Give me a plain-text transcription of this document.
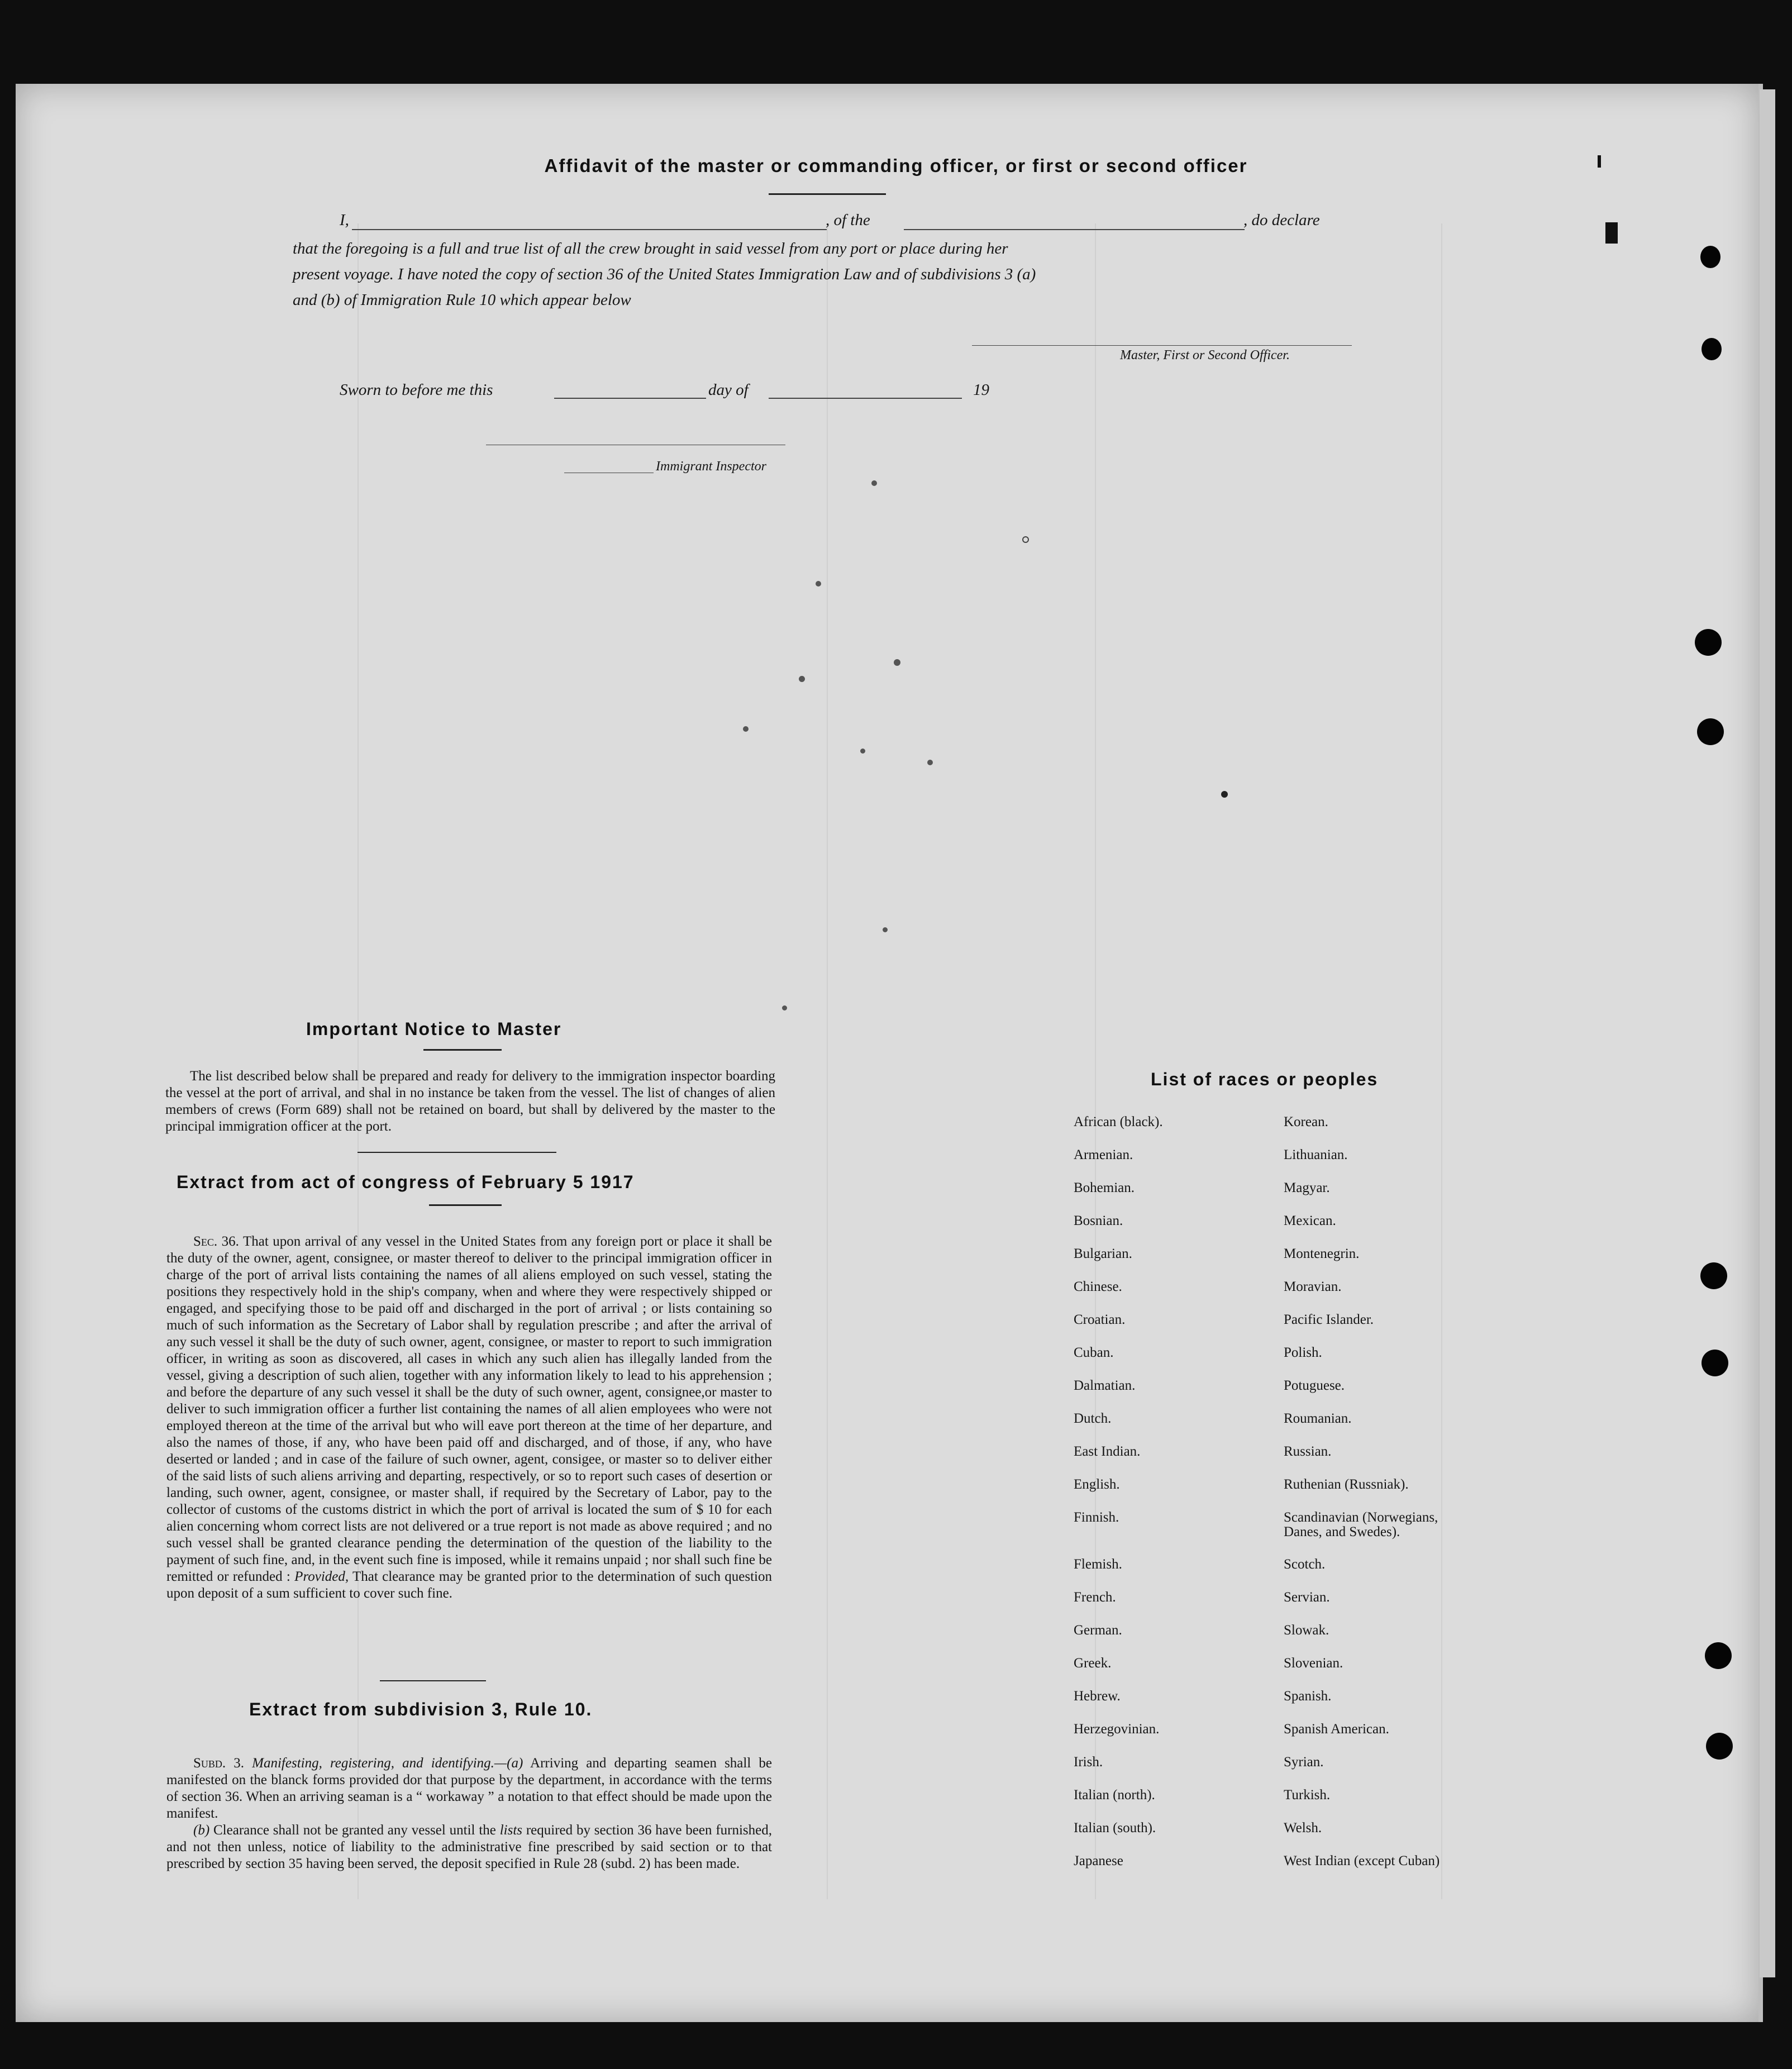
Affidavit of the master or commanding officer, or first or second officer
I,	, of the	, do declare
that the foregoing is a full and true list of all the crew brought in said vessel from any port or place during her
present voyage. I have noted the copy of section 36 of the United States Immigration Law and of subdivisions 3 (a)
and (b) of Immigration Rule 10 which appear below
Master, First or Second Officer.
Sworn to before me this	day of	19
Immigrant Inspector
Important Notice to Master
The list described below shall be prepared and ready for delivery to the immigration inspector boarding the vessel at the port of arrival, and shal in no instance be taken from the vessel. The list of changes of alien members of crews (Form 689) shall not be retained on board, but shall by delivered by the master to the principal immigration officer at the port.
Extract from act of congress of February 5 1917
Sec. 36. That upon arrival of any vessel in the United States from any foreign port or place it shall be the duty of the owner, agent, consignee, or master thereof to deliver to the principal immigration officer in charge of the port of arrival lists containing the names of all aliens employed on such vessel, stating the positions they respectively hold in the ship's company, when and where they were respectively shipped or engaged, and specifying those to be paid off and discharged in the port of arrival ; or lists containing so much of such information as the Secretary of Labor shall by regulation prescribe ; and after the arrival of any such vessel it shall be the duty of such owner, agent, consignee, or master to report to such immigration officer, in writing as soon as discovered, all cases in which any such alien has illegally landed from the vessel, giving a description of such alien, together with any information likely to lead to his apprehension ; and before the departure of any such vessel it shall be the duty of such owner, agent, consignee,or master to deliver to such immigration officer a further list containing the names of all alien employees who were not employed thereon at the time of the arrival but who will eave port thereon at the time of her departure, and also the names of those, if any, who have been paid off and discharged, and of those, if any, who have deserted or landed ; and in case of the failure of such owner, agent, consigee, or master so to deliver either of the said lists of such aliens arriving and departing, respectively, or so to report such cases of desertion or landing, such owner, agent, consignee, or master shall, if required by the Secretary of Labor, pay to the collector of customs of the customs district in which the port of arrival is located the sum of $ 10 for each alien concerning whom correct lists are not delivered or a true report is not made as above required ; and no such vessel shall be granted clearance pending the determination of the question of the liability to the payment of such fine, and, in the event such fine is imposed, while it remains unpaid ; nor shall such fine be remitted or refunded : Provided, That clearance may be granted prior to the determination of such question upon deposit of a sum sufficient to cover such fine.
Extract from subdivision 3, Rule 10.
Subd. 3. Manifesting, registering, and identifying.—(a) Arriving and departing seamen shall be manifested on the blanck forms provided dor that purpose by the department, in accordance with the terms of section 36. When an arriving seaman is a “ workaway ” a notation to that effect should be made upon the manifest.
(b) Clearance shall not be granted any vessel until the lists required by section 36 have been furnished, and not then unless, notice of liability to the administrative fine prescribed by said section or to that prescribed by section 35 having been served, the deposit specified in Rule 28 (subd. 2) has been made.
List of races or peoples
African (black).	Korean.
Armenian.	Lithuanian.
Bohemian.	Magyar.
Bosnian.	Mexican.
Bulgarian.	Montenegrin.
Chinese.	Moravian.
Croatian.	Pacific Islander.
Cuban.	Polish.
Dalmatian.	Potuguese.
Dutch.	Roumanian.
East Indian.	Russian.
English.	Ruthenian (Russniak).
Finnish.	Scandinavian (Norwegians, Danes, and Swedes).
Flemish.	Scotch.
French.	Servian.
German.	Slowak.
Greek.	Slovenian.
Hebrew.	Spanish.
Herzegovinian.	Spanish American.
Irish.	Syrian.
Italian (north).	Turkish.
Italian (south).	Welsh.
Japanese	West Indian (except Cuban)
